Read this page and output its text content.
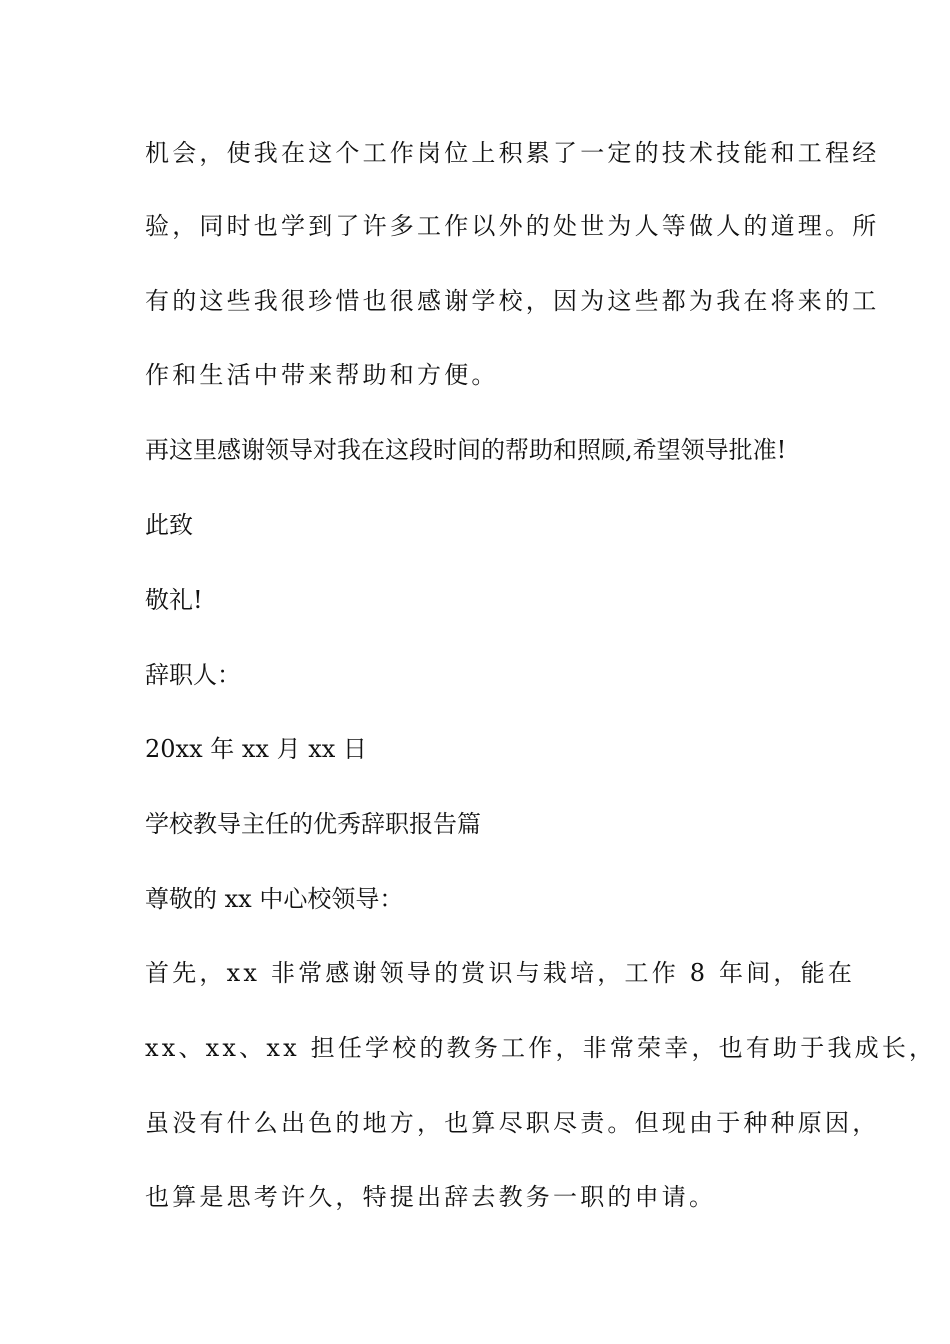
机会，使我在这个工作岗位上积累了一定的技术技能和工程经
验，同时也学到了许多工作以外的处世为人等做人的道理。所
有的这些我很珍惜也很感谢学校，因为这些都为我在将来的工
作和生活中带来帮助和方便。
再这里感谢领导对我在这段时间的帮助和照顾,希望领导批准!
此致
敬礼!
辞职人：
20xx 年 xx 月 xx 日
学校教导主任的优秀辞职报告篇
尊敬的 xx 中心校领导：
首先，xx 非常感谢领导的赏识与栽培，工作 8 年间，能在
xx、xx、xx 担任学校的教务工作，非常荣幸，也有助于我成长，
虽没有什么出色的地方，也算尽职尽责。但现由于种种原因，
也算是思考许久，特提出辞去教务一职的申请。
